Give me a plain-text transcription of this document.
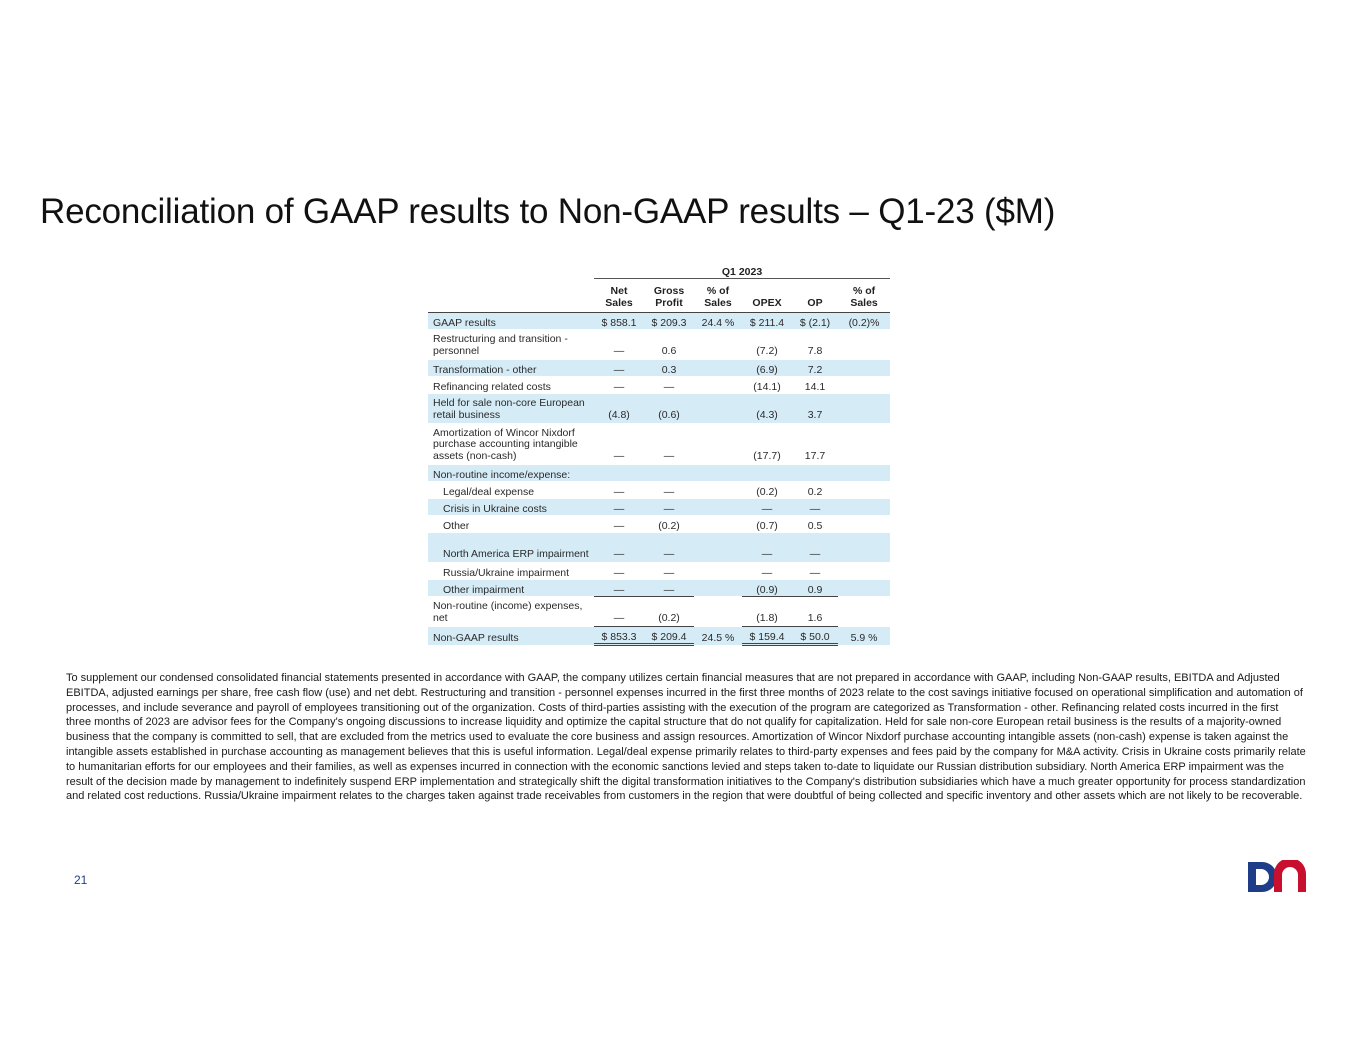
Reconciliation of GAAP results to Non-GAAP results – Q1-23 ($M)
	Q1 2023					
	Net Sales	Gross Profit	% of Sales	OPEX	OP	% of Sales
GAAP results	$ 858.1	$ 209.3	24.4 %	$ 211.4	$ (2.1)	(0.2)%
Restructuring and transition - personnel	—	0.6		(7.2)	7.8	
Transformation - other	—	0.3		(6.9)	7.2	
Refinancing related costs	—	—		(14.1)	14.1	
Held for sale non-core European retail business	(4.8)	(0.6)		(4.3)	3.7	
Amortization of Wincor Nixdorf purchase accounting intangible assets (non-cash)	—	—		(17.7)	17.7	
Non-routine income/expense:						
Legal/deal expense	—	—		(0.2)	0.2	
Crisis in Ukraine costs	—	—		—	—	
Other	—	(0.2)		(0.7)	0.5	
North America ERP impairment	—	—		—	—	
Russia/Ukraine impairment	—	—		—	—	
Other impairment	—	—		(0.9)	0.9	
Non-routine (income) expenses, net	—	(0.2)		(1.8)	1.6	
Non-GAAP results	$ 853.3	$ 209.4	24.5 %	$ 159.4	$ 50.0	5.9 %

To supplement our condensed consolidated financial statements presented in accordance with GAAP, the company utilizes certain financial measures that are not prepared in accordance with GAAP, including Non-GAAP results, EBITDA and Adjusted EBITDA, adjusted earnings per share, free cash flow (use) and net debt. Restructuring and transition - personnel expenses incurred in the first three months of 2023 relate to the cost savings initiative focused on operational simplification and automation of processes, and include severance and payroll of employees transitioning out of the organization. Costs of third-parties assisting with the execution of the program are categorized as Transformation - other. Refinancing related costs incurred in the first three months of 2023 are advisor fees for the Company's ongoing discussions to increase liquidity and optimize the capital structure that do not qualify for capitalization. Held for sale non-core European retail business is the results of a majority-owned business that the company is committed to sell, that are excluded from the metrics used to evaluate the core business and assign resources. Amortization of Wincor Nixdorf purchase accounting intangible assets (non-cash) expense is taken against the intangible assets established in purchase accounting as management believes that this is useful information. Legal/deal expense primarily relates to third-party expenses and fees paid by the company for M&A activity. Crisis in Ukraine costs primarily relate to humanitarian efforts for our employees and their families, as well as expenses incurred in connection with the economic sanctions levied and steps taken to-date to liquidate our Russian distribution subsidiary. North America ERP impairment was the result of the decision made by management to indefinitely suspend ERP implementation and strategically shift the digital transformation initiatives to the Company's distribution subsidiaries which have a much greater opportunity for process standardization and related cost reductions. Russia/Ukraine impairment relates to the charges taken against trade receivables from customers in the region that were doubtful of being collected and specific inventory and other assets which are not likely to be recoverable.

21
